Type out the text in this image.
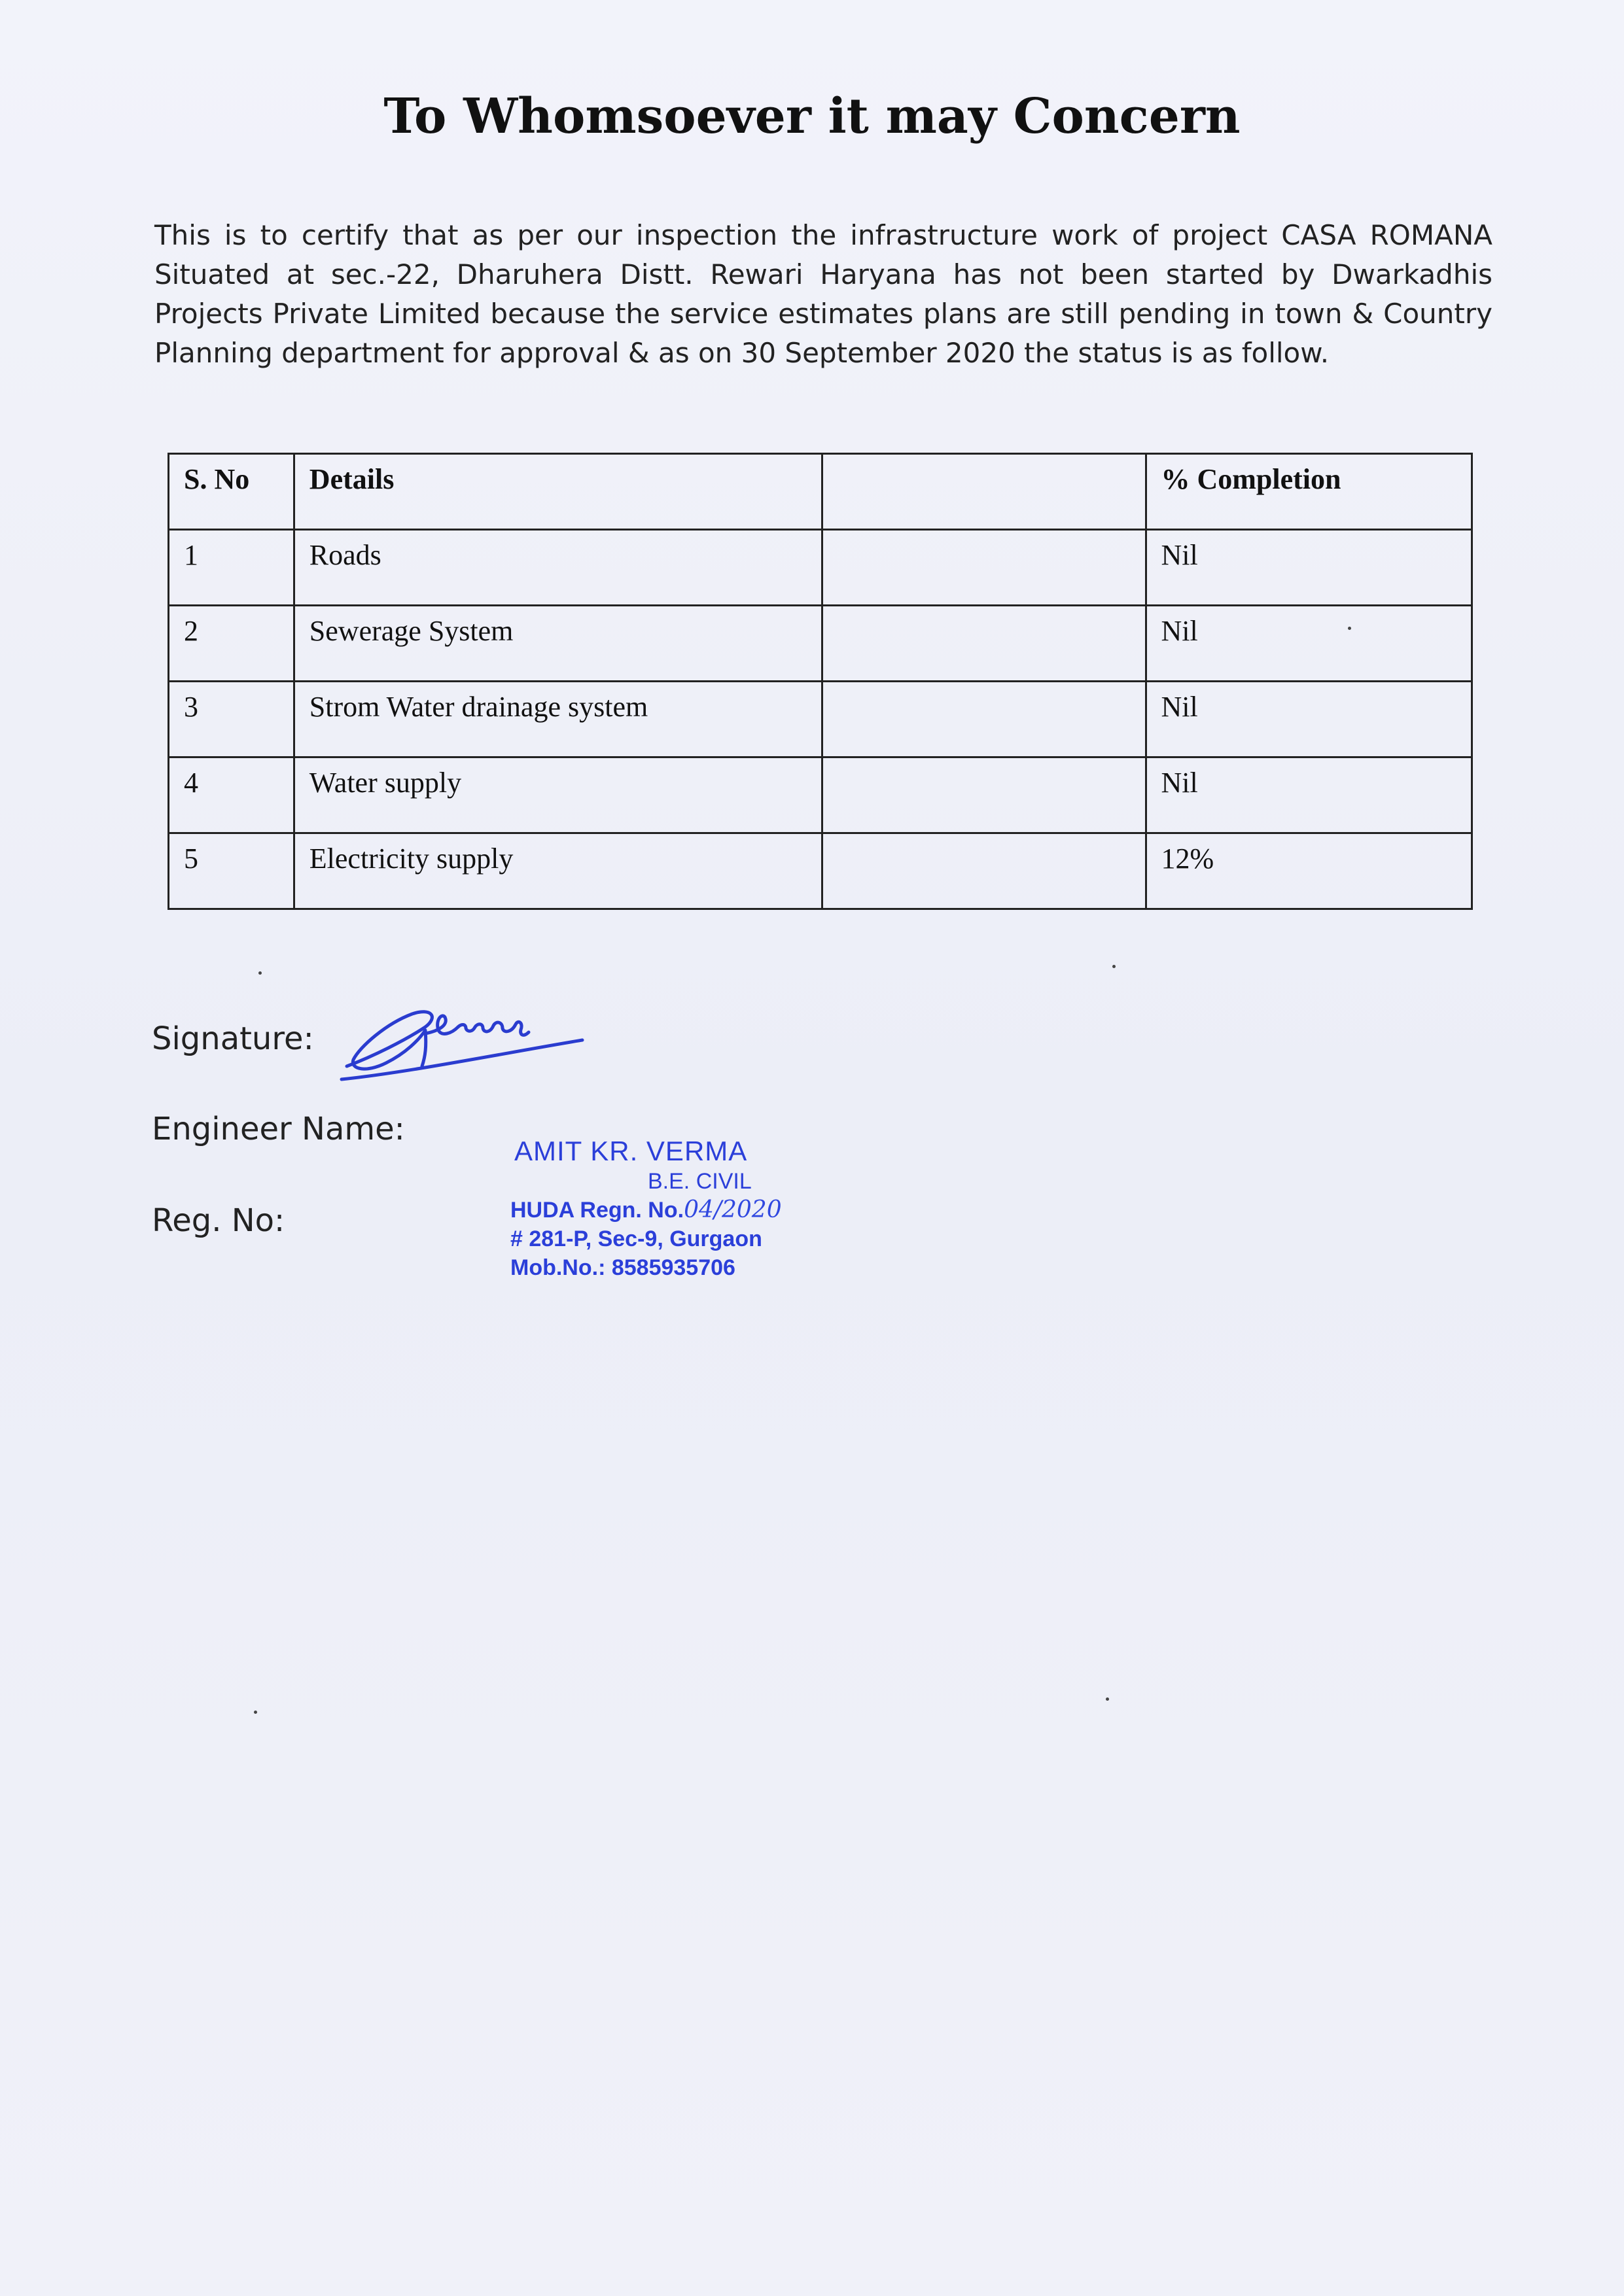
To Whomsoever it may Concern

This is to certify that as per our inspection the infrastructure work of project CASA ROMANA Situated at sec.-22, Dharuhera Distt. Rewari Haryana has not been started by Dwarkadhis Projects Private Limited because the service estimates plans are still pending in town & Country Planning department for approval & as on 30 September 2020 the status is as follow.

S. No	Details		% Completion
1	Roads		Nil
2	Sewerage System		Nil
3	Strom Water drainage system		Nil
4	Water supply		Nil
5	Electricity supply		12%

Signature:

Engineer Name:

Reg. No:

AMIT KR. VERMA

B.E. CIVIL

HUDA Regn. No.04/2020

# 281-P, Sec-9, Gurgaon

Mob.No.: 8585935706
